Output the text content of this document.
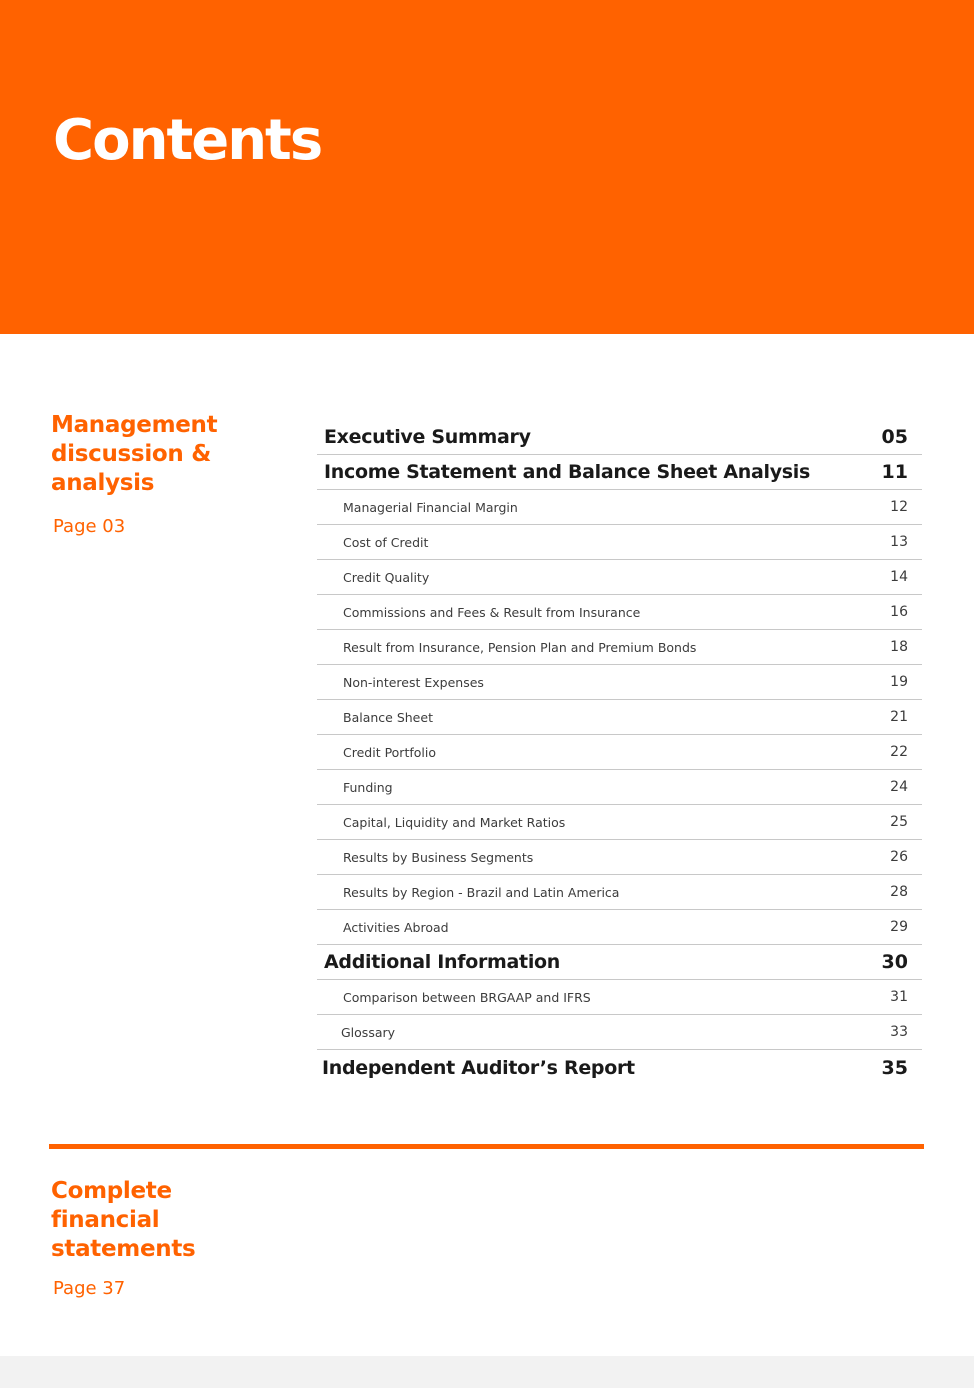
Contents
Management discussion & analysis

Page 03

Executive Summary	05
Income Statement and Balance Sheet Analysis	11
Managerial Financial Margin	12
Cost of Credit	13
Credit Quality	14
Commissions and Fees & Result from Insurance	16
Result from Insurance, Pension Plan and Premium Bonds	18
Non-interest Expenses	19
Balance Sheet	21
Credit Portfolio	22
Funding	24
Capital, Liquidity and Market Ratios	25
Results by Business Segments	26
Results by Region - Brazil and Latin America	28
Activities Abroad	29
Additional Information	30
Comparison between BRGAAP and IFRS	31
Glossary	33
Independent Auditor’s Report	35
Complete financial statements

Page 37
